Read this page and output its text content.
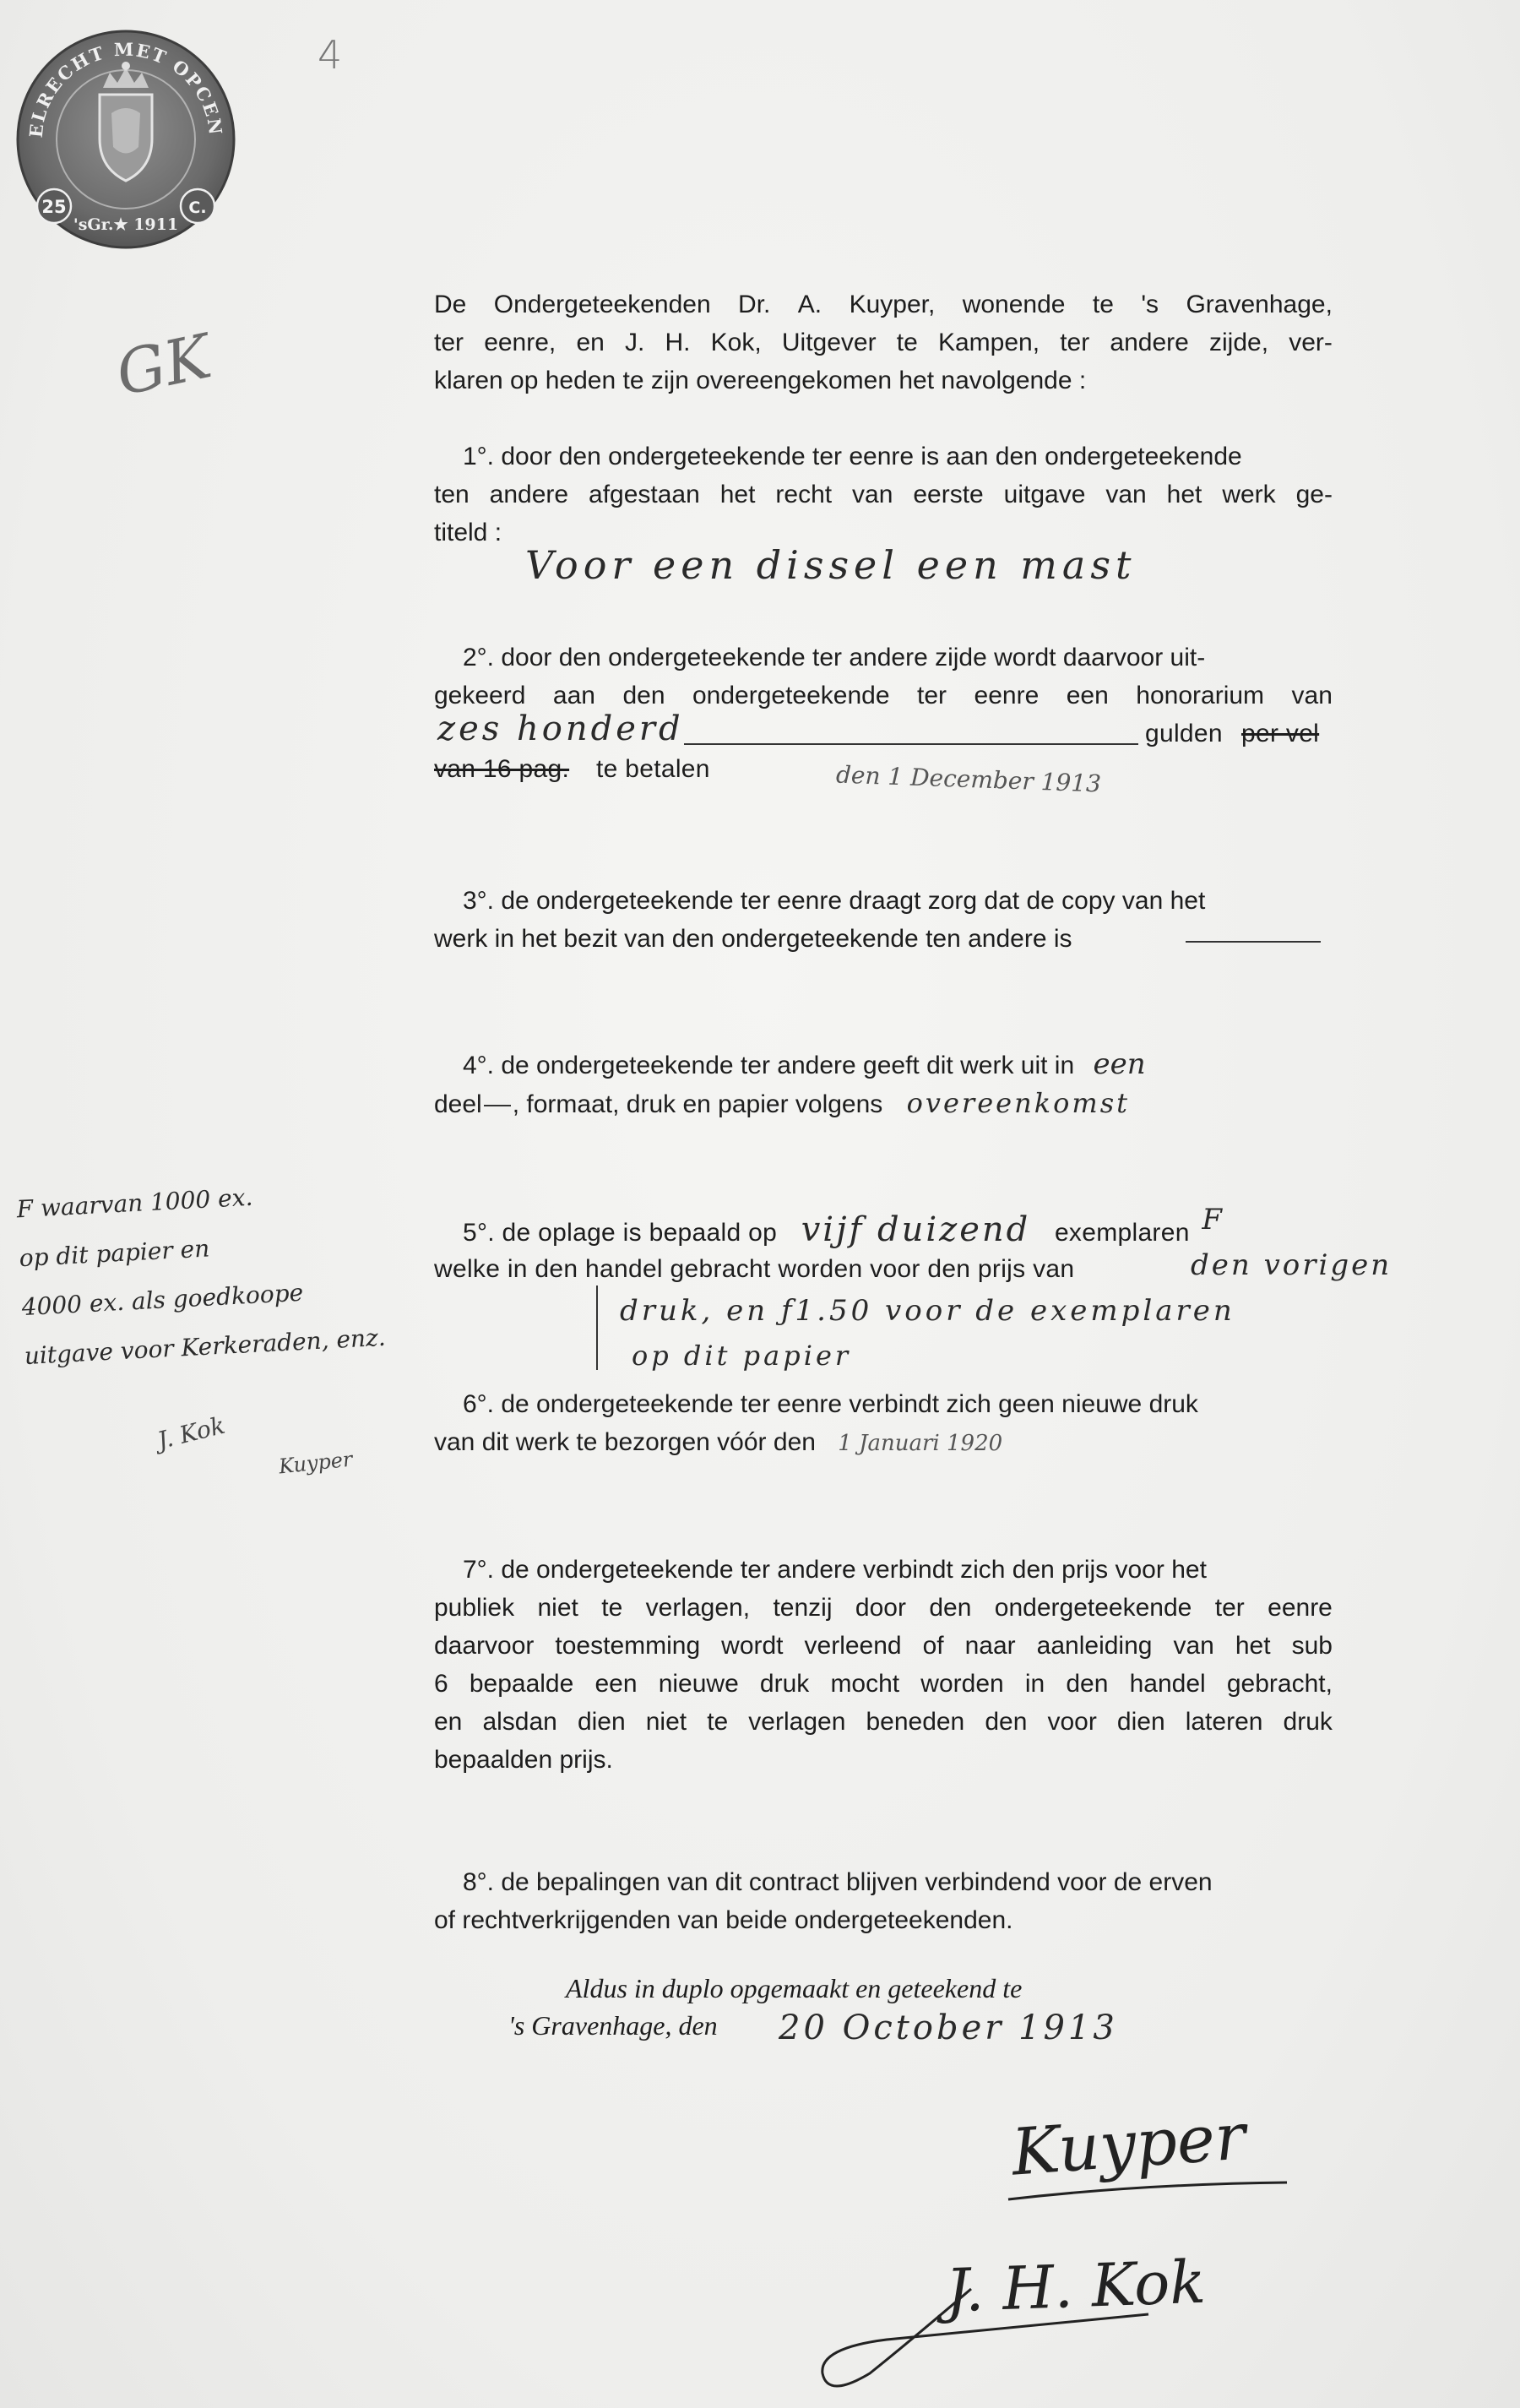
ELRECHT MET OPCEN
25	C.
'sGr.★ 1911
4
GK
De Ondergeteekenden Dr. A. Kuyper, wonende te 's Gravenhage,
ter eenre, en J. H. Kok, Uitgever te Kampen, ter andere zijde, ver-
klaren op heden te zijn overeengekomen het navolgende :
1°. door den ondergeteekende ter eenre is aan den ondergeteekende
ten andere afgestaan het recht van eerste uitgave van het werk ge-
titeld :
Voor een dissel een mast
2°. door den ondergeteekende ter andere zijde wordt daarvoor uit-
gekeerd aan den ondergeteekende ter eenre een honorarium van
zes honderd	gulden per vel
van 16 pag. te betalen	den 1 December 1913
3°. de ondergeteekende ter eenre draagt zorg dat de copy van het
werk in het bezit van den ondergeteekende ten andere is
4°. de ondergeteekende ter andere geeft dit werk uit in een
deel , formaat, druk en papier volgens overeenkomst
5°. de oplage is bepaald op vijf duizend exemplaren F
welke in den handel gebracht worden voor den prijs van	den vorigen
druk, en ƒ1.50 voor de exemplaren
op dit papier
F waarvan 1000 ex.
op dit papier en
4000 ex. als goedkoope
uitgave voor Kerkeraden, enz.
J. Kok
Kuyper
6°. de ondergeteekende ter eenre verbindt zich geen nieuwe druk
van dit werk te bezorgen vóór den 1 Januari 1920
7°. de ondergeteekende ter andere verbindt zich den prijs voor het
publiek niet te verlagen, tenzij door den ondergeteekende ter eenre
daarvoor toestemming wordt verleend of naar aanleiding van het sub
6 bepaalde een nieuwe druk mocht worden in den handel gebracht,
en alsdan dien niet te verlagen beneden den voor dien lateren druk
bepaalden prijs.
8°. de bepalingen van dit contract blijven verbindend voor de erven
of rechtverkrijgenden van beide ondergeteekenden.
Aldus in duplo opgemaakt en geteekend te
's Gravenhage, den 20 October 1913
Kuyper
J. H. Kok
